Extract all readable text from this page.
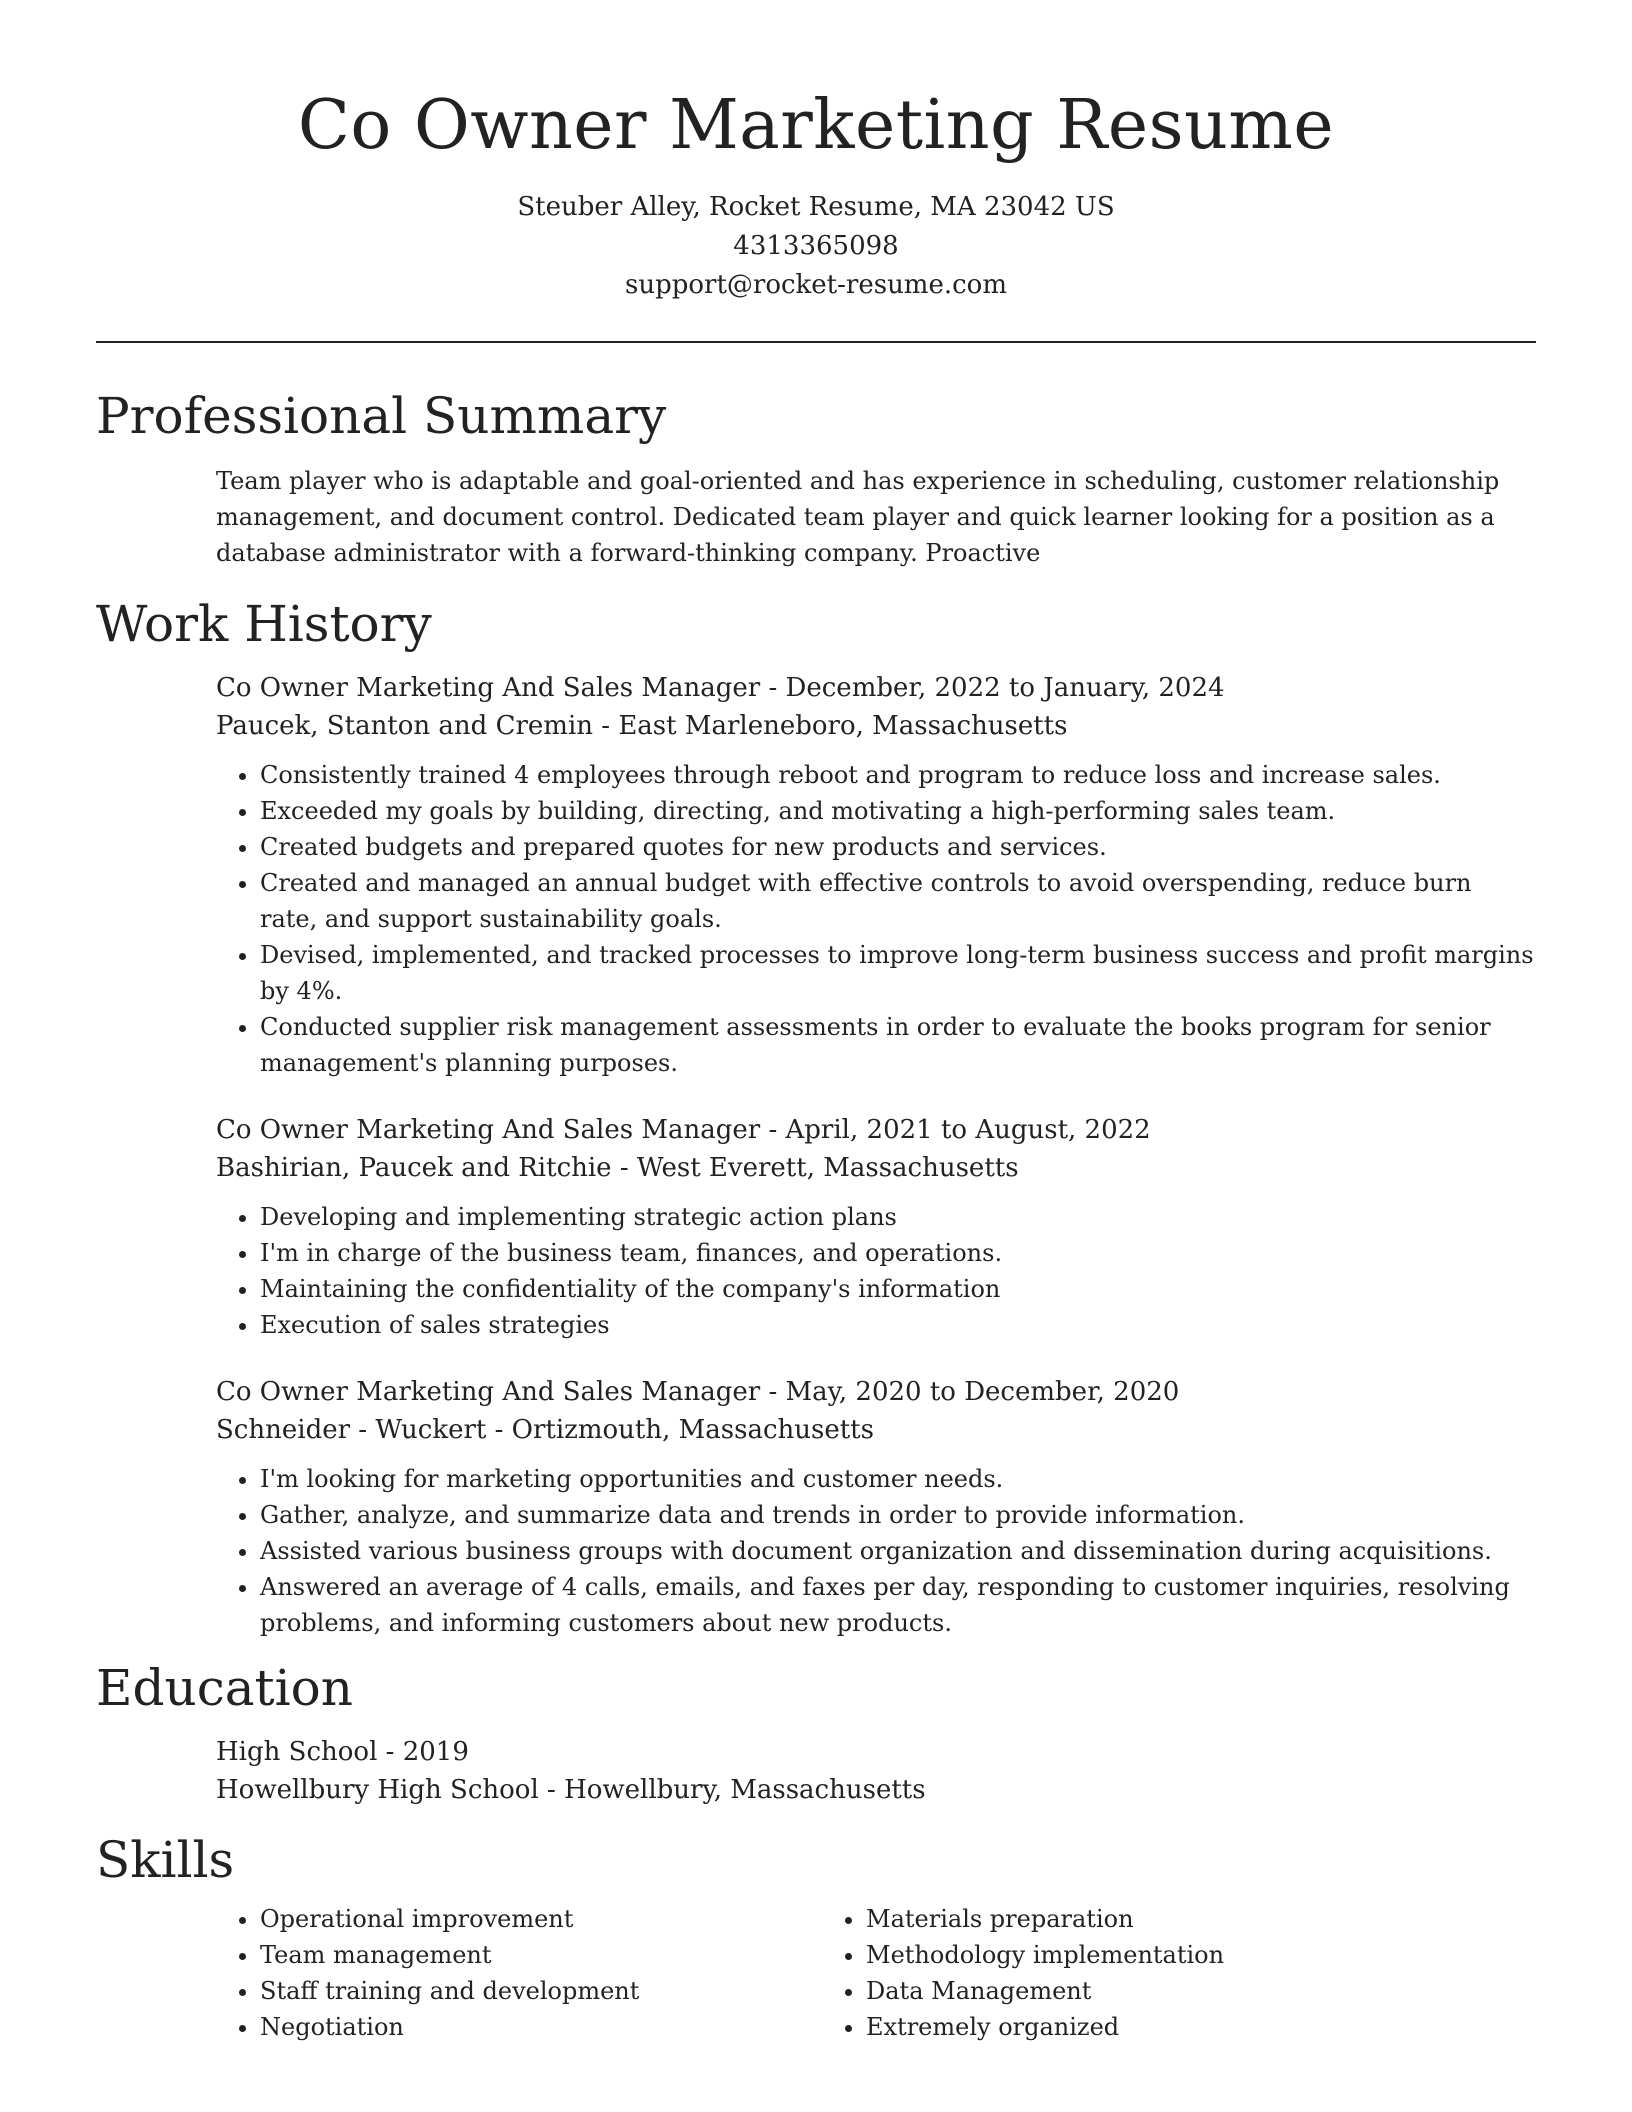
Co Owner Marketing Resume
Steuber Alley, Rocket Resume, MA 23042 US
4313365098
support@rocket-resume.com
Professional Summary

Team player who is adaptable and goal-oriented and has experience in scheduling, customer relationship management, and document control. Dedicated team player and quick learner looking for a position as a database administrator with a forward-thinking company. Proactive

Work History
Co Owner Marketing And Sales Manager - December, 2022 to January, 2024
Paucek, Stanton and Cremin - East Marleneboro, Massachusetts
• Consistently trained 4 employees through reboot and program to reduce loss and increase sales.
• Exceeded my goals by building, directing, and motivating a high-performing sales team.
• Created budgets and prepared quotes for new products and services.
• Created and managed an annual budget with effective controls to avoid overspending, reduce burn rate, and support sustainability goals.
• Devised, implemented, and tracked processes to improve long-term business success and profit margins by 4%.
• Conducted supplier risk management assessments in order to evaluate the books program for senior management's planning purposes.
Co Owner Marketing And Sales Manager - April, 2021 to August, 2022
Bashirian, Paucek and Ritchie - West Everett, Massachusetts
• Developing and implementing strategic action plans
• I'm in charge of the business team, finances, and operations.
• Maintaining the confidentiality of the company's information
• Execution of sales strategies
Co Owner Marketing And Sales Manager - May, 2020 to December, 2020
Schneider - Wuckert - Ortizmouth, Massachusetts
• I'm looking for marketing opportunities and customer needs.
• Gather, analyze, and summarize data and trends in order to provide information.
• Assisted various business groups with document organization and dissemination during acquisitions.
• Answered an average of 4 calls, emails, and faxes per day, responding to customer inquiries, resolving problems, and informing customers about new products.
Education
High School - 2019
Howellbury High School - Howellbury, Massachusetts
Skills
• Operational improvement
• Team management
• Staff training and development
• Negotiation
• Materials preparation
• Methodology implementation
• Data Management
• Extremely organized
